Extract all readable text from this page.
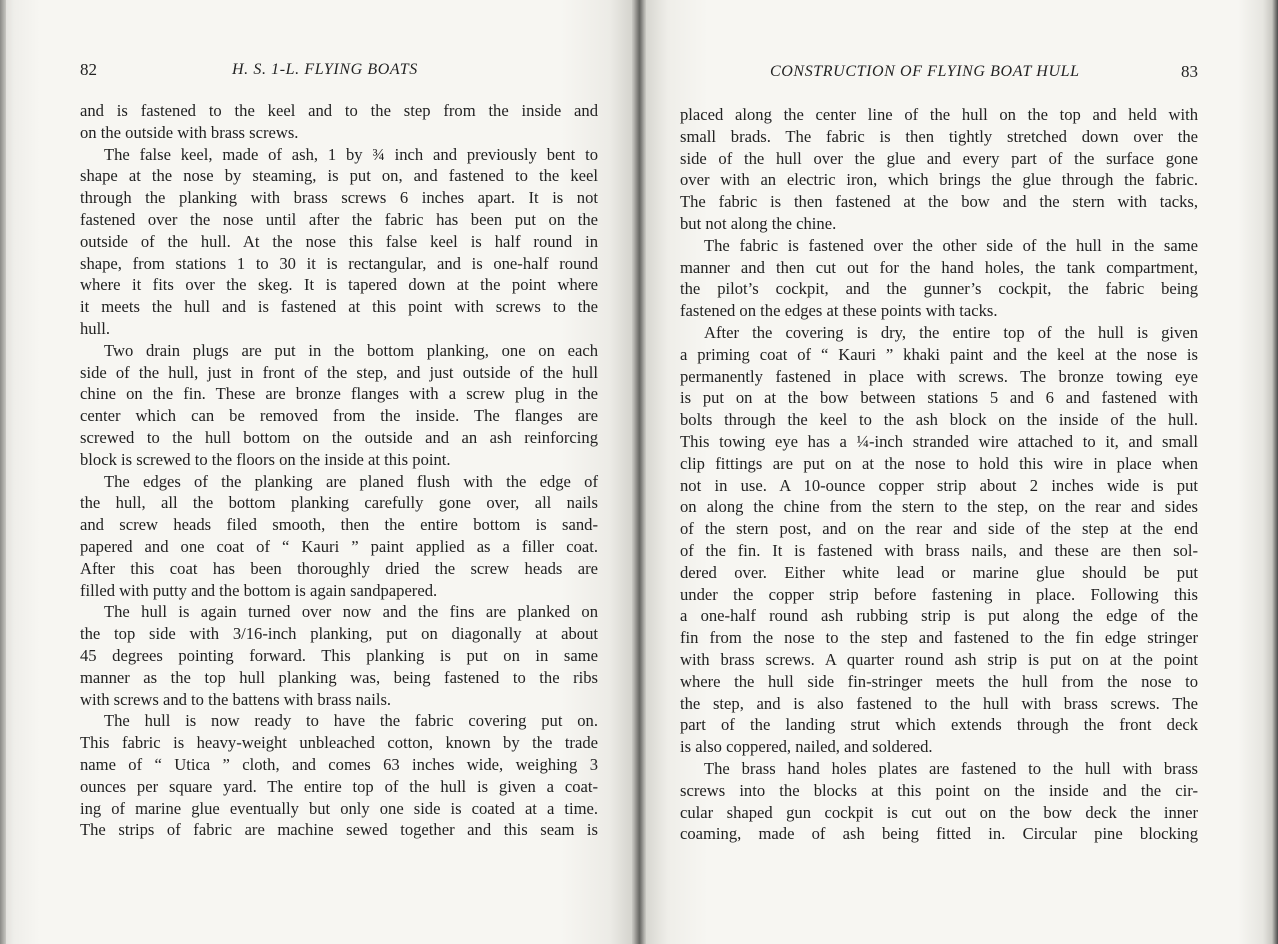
82	H. S. 1-L. FLYING BOATS
and is fastened to the keel and to the step from the inside and
on the outside with brass screws.
The false keel, made of ash, 1 by ¾ inch and previously bent to
shape at the nose by steaming, is put on, and fastened to the keel
through the planking with brass screws 6 inches apart. It is not
fastened over the nose until after the fabric has been put on the
outside of the hull. At the nose this false keel is half round in
shape, from stations 1 to 30 it is rectangular, and is one-half round
where it fits over the skeg. It is tapered down at the point where
it meets the hull and is fastened at this point with screws to the
hull.
Two drain plugs are put in the bottom planking, one on each
side of the hull, just in front of the step, and just outside of the hull
chine on the fin. These are bronze flanges with a screw plug in the
center which can be removed from the inside. The flanges are
screwed to the hull bottom on the outside and an ash reinforcing
block is screwed to the floors on the inside at this point.
The edges of the planking are planed flush with the edge of
the hull, all the bottom planking carefully gone over, all nails
and screw heads filed smooth, then the entire bottom is sand-
papered and one coat of “ Kauri ” paint applied as a filler coat.
After this coat has been thoroughly dried the screw heads are
filled with putty and the bottom is again sandpapered.
The hull is again turned over now and the fins are planked on
the top side with 3/16-inch planking, put on diagonally at about
45 degrees pointing forward. This planking is put on in same
manner as the top hull planking was, being fastened to the ribs
with screws and to the battens with brass nails.
The hull is now ready to have the fabric covering put on.
This fabric is heavy-weight unbleached cotton, known by the trade
name of “ Utica ” cloth, and comes 63 inches wide, weighing 3
ounces per square yard. The entire top of the hull is given a coat-
ing of marine glue eventually but only one side is coated at a time.
The strips of fabric are machine sewed together and this seam is
CONSTRUCTION OF FLYING BOAT HULL	83
placed along the center line of the hull on the top and held with
small brads. The fabric is then tightly stretched down over the
side of the hull over the glue and every part of the surface gone
over with an electric iron, which brings the glue through the fabric.
The fabric is then fastened at the bow and the stern with tacks,
but not along the chine.
The fabric is fastened over the other side of the hull in the same
manner and then cut out for the hand holes, the tank compartment,
the pilot’s cockpit, and the gunner’s cockpit, the fabric being
fastened on the edges at these points with tacks.
After the covering is dry, the entire top of the hull is given
a priming coat of “ Kauri ” khaki paint and the keel at the nose is
permanently fastened in place with screws. The bronze towing eye
is put on at the bow between stations 5 and 6 and fastened with
bolts through the keel to the ash block on the inside of the hull.
This towing eye has a ¼-inch stranded wire attached to it, and small
clip fittings are put on at the nose to hold this wire in place when
not in use. A 10-ounce copper strip about 2 inches wide is put
on along the chine from the stern to the step, on the rear and sides
of the stern post, and on the rear and side of the step at the end
of the fin. It is fastened with brass nails, and these are then sol-
dered over. Either white lead or marine glue should be put
under the copper strip before fastening in place. Following this
a one-half round ash rubbing strip is put along the edge of the
fin from the nose to the step and fastened to the fin edge stringer
with brass screws. A quarter round ash strip is put on at the point
where the hull side fin-stringer meets the hull from the nose to
the step, and is also fastened to the hull with brass screws. The
part of the landing strut which extends through the front deck
is also coppered, nailed, and soldered.
The brass hand holes plates are fastened to the hull with brass
screws into the blocks at this point on the inside and the cir-
cular shaped gun cockpit is cut out on the bow deck the inner
coaming, made of ash being fitted in. Circular pine blocking
